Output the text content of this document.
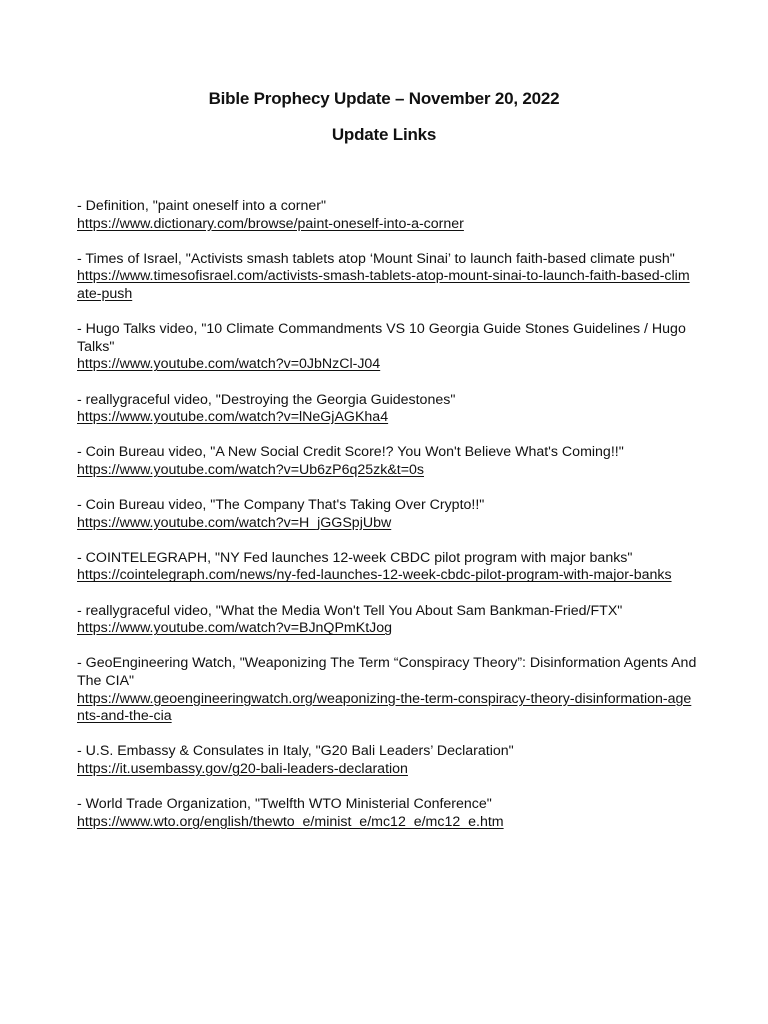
Bible Prophecy Update – November 20, 2022
Update Links
- Definition, "paint oneself into a corner"
https://www.dictionary.com/browse/paint-oneself-into-a-corner
- Times of Israel, "Activists smash tablets atop ‘Mount Sinai’ to launch faith-based climate push"
https://www.timesofisrael.com/activists-smash-tablets-atop-mount-sinai-to-launch-faith-based-climate-push
- Hugo Talks video, "10 Climate Commandments VS 10 Georgia Guide Stones Guidelines / Hugo Talks"
https://www.youtube.com/watch?v=0JbNzCl-J04
- reallygraceful video, "Destroying the Georgia Guidestones"
https://www.youtube.com/watch?v=lNeGjAGKha4
- Coin Bureau video, "A New Social Credit Score!? You Won't Believe What's Coming!!"
https://www.youtube.com/watch?v=Ub6zP6q25zk&t=0s
- Coin Bureau video, "The Company That's Taking Over Crypto!!"
https://www.youtube.com/watch?v=H_jGGSpjUbw
- COINTELEGRAPH, "NY Fed launches 12-week CBDC pilot program with major banks"
https://cointelegraph.com/news/ny-fed-launches-12-week-cbdc-pilot-program-with-major-banks
- reallygraceful video, "What the Media Won't Tell You About Sam Bankman-Fried/FTX"
https://www.youtube.com/watch?v=BJnQPmKtJog
- GeoEngineering Watch, "Weaponizing The Term “Conspiracy Theory”: Disinformation Agents And The CIA"
https://www.geoengineeringwatch.org/weaponizing-the-term-conspiracy-theory-disinformation-agents-and-the-cia
- U.S. Embassy & Consulates in Italy, "G20 Bali Leaders’ Declaration"
https://it.usembassy.gov/g20-bali-leaders-declaration
- World Trade Organization, "Twelfth WTO Ministerial Conference"
https://www.wto.org/english/thewto_e/minist_e/mc12_e/mc12_e.htm
